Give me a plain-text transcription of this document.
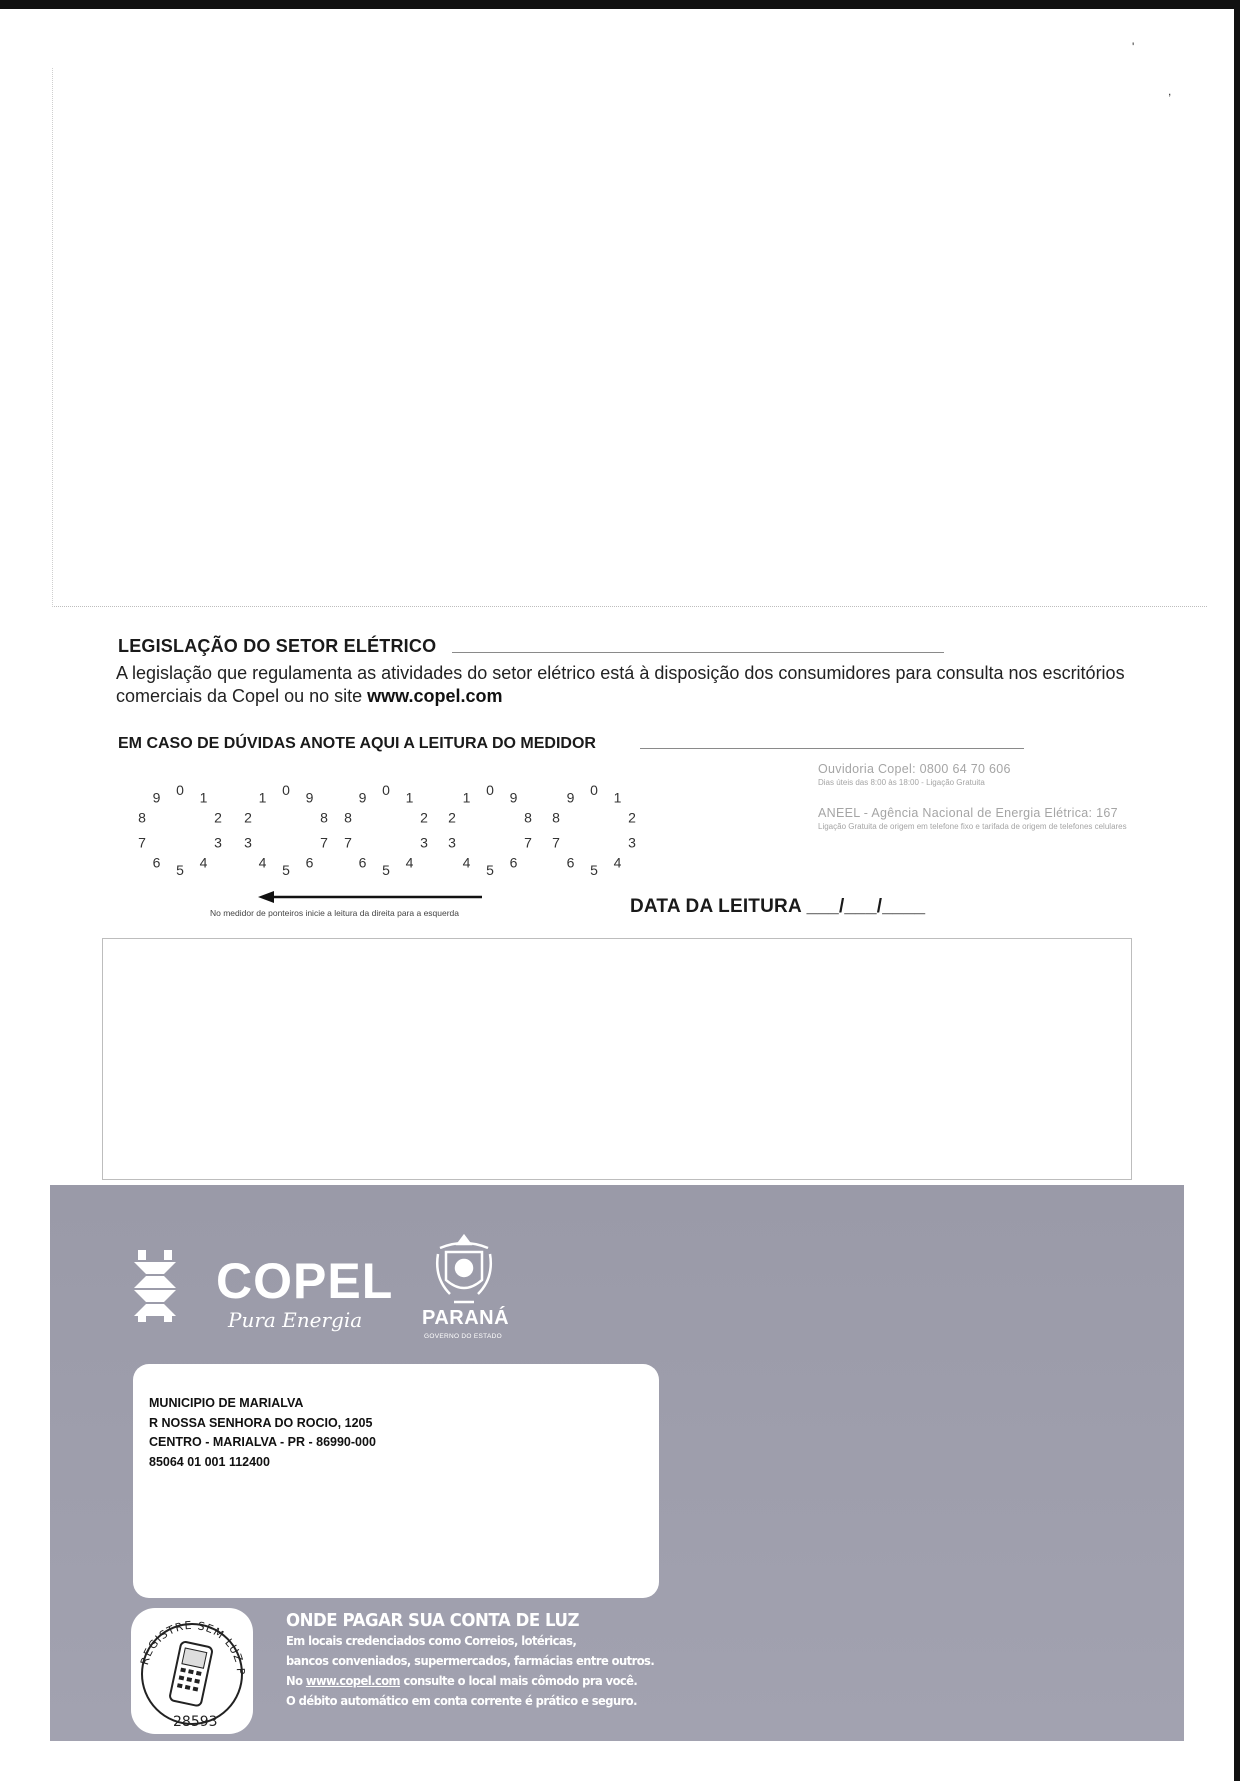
'
,
LEGISLAÇÃO DO SETOR ELÉTRICO
A legislação que regulamenta as atividades do setor elétrico está à disposição dos consumidores para consulta nos escritórios comerciais da Copel ou no site www.copel.com
EM CASO DE DÚVIDAS ANOTE AQUI A LEITURA DO MEDIDOR
0 1
2
3
4
5
6
7
8
9	0
1
2
3
4 5 6
7
8
9	0 1
2
3
4
5
6
7
8
9	0
1
2
3
4 5 6
7
8
9	0 1
2
3
4
5
6
7
8
9
No medidor de ponteiros inicie a leitura da direita para a esquerda	DATA DA LEITURA ___/___/____
Ouvidoria Copel: 0800 64 70 606
Dias úteis das 8:00 às 18:00 - Ligação Gratuita
ANEEL - Agência Nacional de Energia Elétrica: 167
Ligação Gratuita de origem em telefone fixo e tarifada de origem de telefones celulares
COPEL
Pura Energia	PARANÁ
GOVERNO DO ESTADO
MUNICIPIO DE MARIALVA
R NOSSA SENHORA DO ROCIO, 1205
CENTRO - MARIALVA - PR - 86990-000
85064 01 001 112400
REGISTRE SEM LUZ P
28593
ONDE PAGAR SUA CONTA DE LUZ
Em locais credenciados como Correios, lotéricas,
bancos conveniados, supermercados, farmácias entre outros.
No www.copel.com consulte o local mais cômodo pra você.
O débito automático em conta corrente é prático e seguro.
